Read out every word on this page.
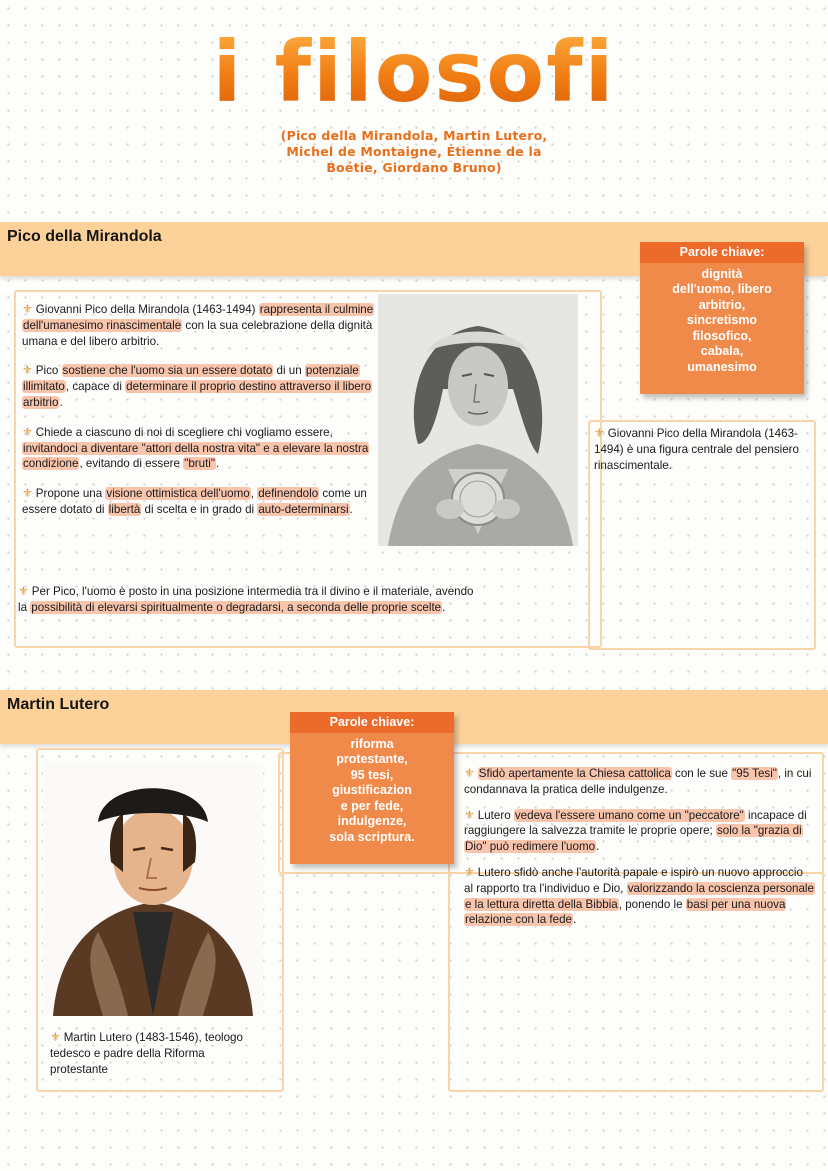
i filosofi
(Pico della Mirandola, Martin Lutero, Michel de Montaigne, Étienne de la Boétie, Giordano Bruno)
Pico della Mirandola
Parole chiave:
dignità
dell'uomo, libero
arbitrio,
sincretismo
filosofico,
cabala,
umanesimo

⚜ Giovanni Pico della Mirandola (1463-1494) rappresenta il culmine dell'umanesimo rinascimentale con la sua celebrazione della dignità umana e del libero arbitrio.

⚜ Pico sostiene che l'uomo sia un essere dotato di un potenziale illimitato, capace di determinare il proprio destino attraverso il libero arbitrio.

⚜ Chiede a ciascuno di noi di scegliere chi vogliamo essere, invitandoci a diventare "attori della nostra vita" e a elevare la nostra condizione, evitando di essere "bruti".

⚜ Propone una visione ottimistica dell'uomo, definendolo come un essere dotato di libertà di scelta e in grado di auto-determinarsi.

⚜ Per Pico, l'uomo è posto in una posizione intermedia tra il divino e il materiale, avendo la possibilità di elevarsi spiritualmente o degradarsi, a seconda delle proprie scelte.

⚜ Giovanni Pico della Mirandola (1463-1494) è una figura centrale del pensiero rinascimentale.
Martin Lutero
Parole chiave:
riforma
protestante,
95 tesi,
giustificazion
e per fede,
indulgenze,
sola scriptura.
⚜ Martin Lutero (1483-1546), teologo tedesco e padre della Riforma protestante

⚜ Sfidò apertamente la Chiesa cattolica con le sue "95 Tesi", in cui condannava la pratica delle indulgenze.

⚜ Lutero vedeva l'essere umano come un "peccatore" incapace di raggiungere la salvezza tramite le proprie opere; solo la "grazia di Dio" può redimere l'uomo.

⚜ Lutero sfidò anche l'autorità papale e ispirò un nuovo approccio al rapporto tra l'individuo e Dio, valorizzando la coscienza personale e la lettura diretta della Bibbia, ponendo le basi per una nuova relazione con la fede.
